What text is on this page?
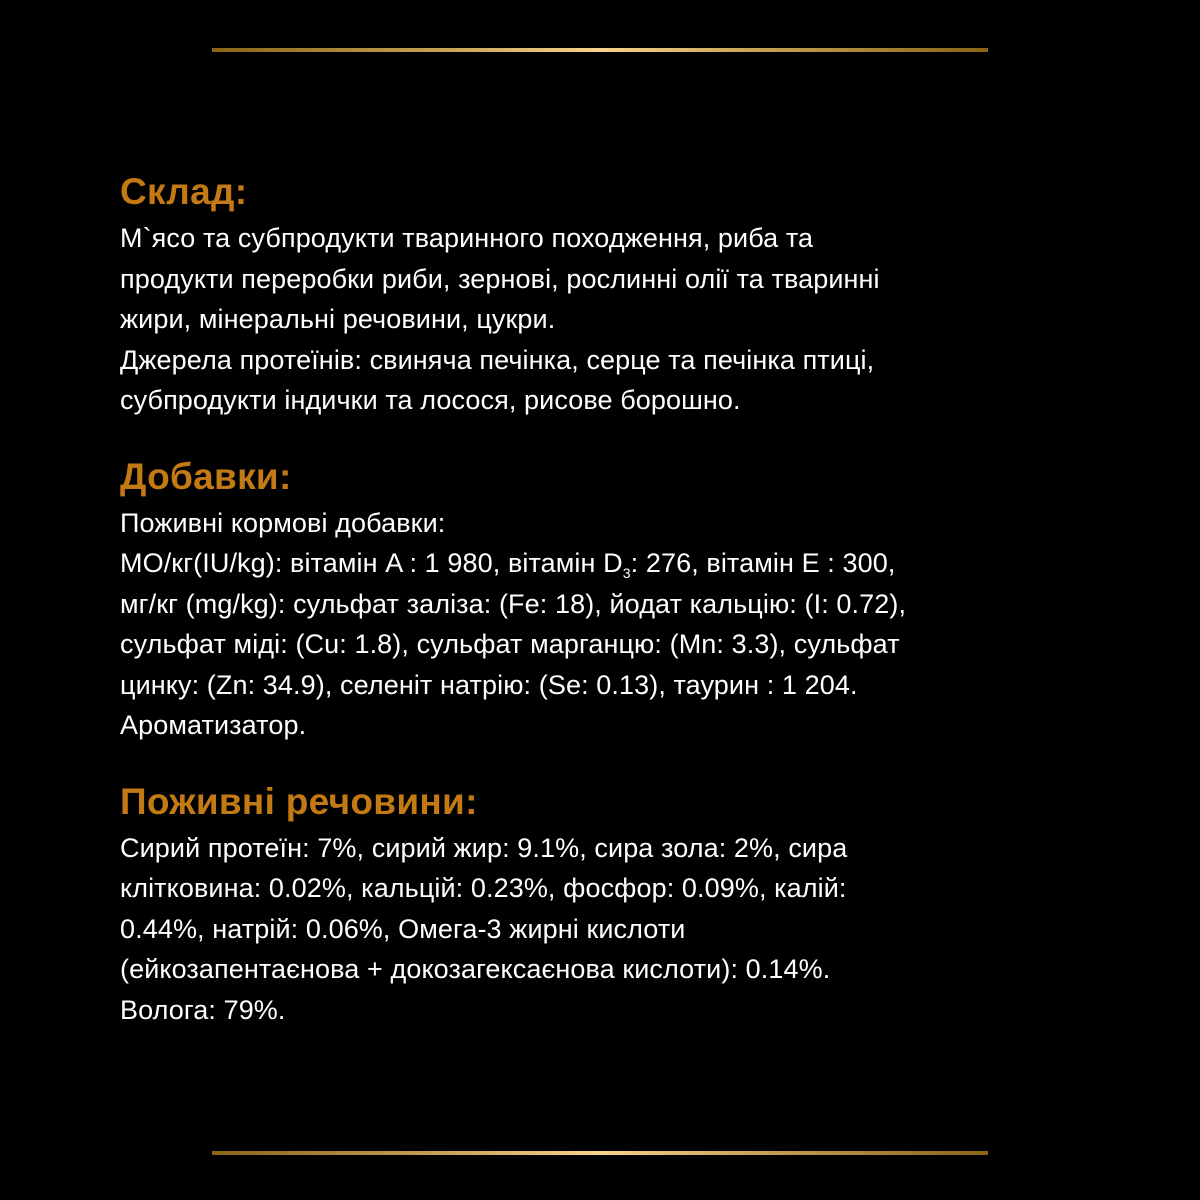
Склад:

М`ясо та субпродукти тваринного походження, риба та

продукти переробки риби, зернові, рослинні олії та тваринні

жири, мінеральні речовини, цукри.

Джерела протеїнів: свиняча печінка, серце та печінка птиці,

субпродукти індички та лосося, рисове борошно.

Добавки:

Поживні кормові добавки:

МО/кг(IU/kg): вітамін A : 1 980, вітамін $D_3$: 276, вітамін E : 300,

мг/кг (mg/kg): сульфат заліза: (Fe: 18), йодат кальцію: (I: 0.72),

сульфат міді: (Cu: 1.8), сульфат марганцю: (Mn: 3.3), сульфат

цинку: (Zn: 34.9), селеніт натрію: (Se: 0.13), таурин : 1 204.

Ароматизатор.

Поживні речовини:

Сирий протеїн: 7%, сирий жир: 9.1%, сира зола: 2%, сира

клітковина: 0.02%, кальцій: 0.23%, фосфор: 0.09%, калій:

0.44%, натрій: 0.06%, Омега-3 жирні кислоти

(ейкозапентаєнова + докозагексаєнова кислоти): 0.14%.

Волога: 79%.
